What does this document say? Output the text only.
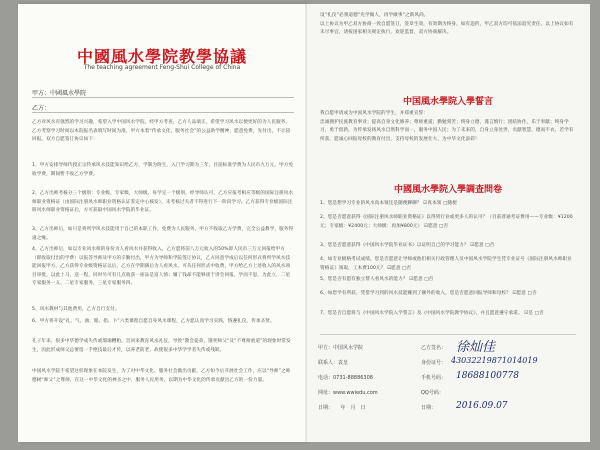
中國風水學院教學協議
The teaching agreement Feng-Shui College of China
甲方：中國風水學院
乙方：
乙方对风水有强烈的学习兴趣，希望入学中国风水学院，经甲方考查，乙方人品端正，希望学习风水以便更好的为人民服务。
乙方考察学习时间以本院报名表填写时间为准，甲方本着“传承文化，服务社会”的公益助学精神，愿意免费，先付出，不计较回报。双方自愿签订协议如下：
1、甲方安排导师传授正宗传承风水技能知识给乙方，学制为终生，入门学习期为三年，目前标准学费为人民币九万元，甲方免收学费，期间暂不收乙方学费。
2、乙方出师考核分三个级别：专业级，专家级，大师级。每学完一个级别，经导师认可，乙方应报考相应等级的国际注册风水师职业资格证（由国际注册风水师职业资格认证鉴定中心核发），未考核过关者不得进行下一阶段学习。乙方获得专业级国际注册风水师职业资格证后，方可获取中国风水学院的毕业证。
3、乙方出师后，如只是将所学风水技能用于自己的本职工作，免费为人民服务，甲方不收取乙方学费，完全公益教学，服务得道之缘。
4、乙方出师后，如以专业风水师的身份为人看风水并获得收入，乙方愿将前八万元收入的50%即人民币三万元回报给甲方（即收取付出的学费）以报答导师及甲方的辛勤付出，甲方为导师和学院签订协议，乙方同意学成后以任何形式将所学风水技能回报甲方。乙方获得专业级资格证以后，乙方在学期满后为人看风水，可从任何形式中收费，甲方给乙方上述收入的风水项目审批，以此上马，送一程，同时另可有几点收获一座品是富人情；嫌了钱却不能够谈于讲会回报，学而不思，为此立，二星专家服务一五、二星专家服务，三星专家服务四。
5、风水教材与其他费用，乙方自行支付。
6、甲方将开设“礼、气、曲、眼、指、卜”六类课程自愿自身风水课程，乙方愿认真学习实践，恪遵礼仪，传承圣贤。
孔子年来，很多中华德学成失传或瑕瑜糟粕，旨回来教育风水礼仪，导致“教会徒弟，饿死师父”及“不尊师重道”的现象时常发生，因此形成师父总要留一手绝技最后才传，以养老防老，故使很多中华学学者失传或残缺。
中国风水学院不希望这样现象在本院发生，为了对中华文化、服务社会做出贡献，乙方如今后开展社会工作，应以“导师”之师德树“师父”之尊师，在这一中华文化的神圣之中，服务人民用务，以期为中华文化的传承贡献出乙方的一份力量。
设“礼仪”必须道德“先学做人，再学做事”之新风尚。
以上协议为甲乙双方协商一致自愿签订，签章生效，有效期为终身，如有违约，甲乙双方均可依法追究责任。以上协议如有未尽事宜，请按国家相关规定执行，欢迎监督，双方协商解决。
中国風水學院入學誓言
我自愿申请成为中国风水学院的学生，并郑重宣誓：
忠诚拥护民族教育事业；提高自身文化修养；尊师重道；勤勉刻苦；终身立德，谨言慎行；团结协作，乐于奉献；终身学习，勇于创新，为传承发扬风水自然科学而一，服务中国人民；为了未来的，自身立身处世，贡献智慧，德而不衣，若学有所获，愿诚心回报母校的教育付出，支持母校的发展壮大，为中华文化添彩！
中國風水學院入學調查問卷
1、您是想学习专业的风水真本领还是随便聊聊？ ☑真本领 □随便
2、您是否愿意获得《国际注册风水师职业资格证》以得到行业或更多人的认可？（目前普通考证费用——专业级：¥1200元；专家级：¥2400元；大师级：再加¥800元） ☑愿意 □否
3、您是否愿意获得《中国风水学院毕业证书》以证明自己的学习能力？ ☑愿意 □否
4、如专业级格考试成绩，您是否愿意让导师或他们相关行政管理人员中国风水学院学生凭专业证号《国际注册风水师职业资格证》领取，工本费100元？ ☑愿意 □否
5、您是否有愿有独立帮人看风水的能力？ ☑愿意 □否
6、如您学有所获，凭借学习到的风水技能赚到了额外的收入，您是否愿意回报导师和母校？ ☑愿意 □否
7、您是否自愿将与《中国风水学院入学誓言》及《中国风水学院教学协议》，并且愿意遵守承诺。 ☑是 □否
甲方：中国风水学院
联系人：袁皇
电话：0731-88886308
网址：www.wwiedu.com
日期：　　年　月　日
乙方签名：
身份证号：
手机号码：
QQ号码：
日期：
徐灿佳
43032219871014019
18688100778
2016.09.07
